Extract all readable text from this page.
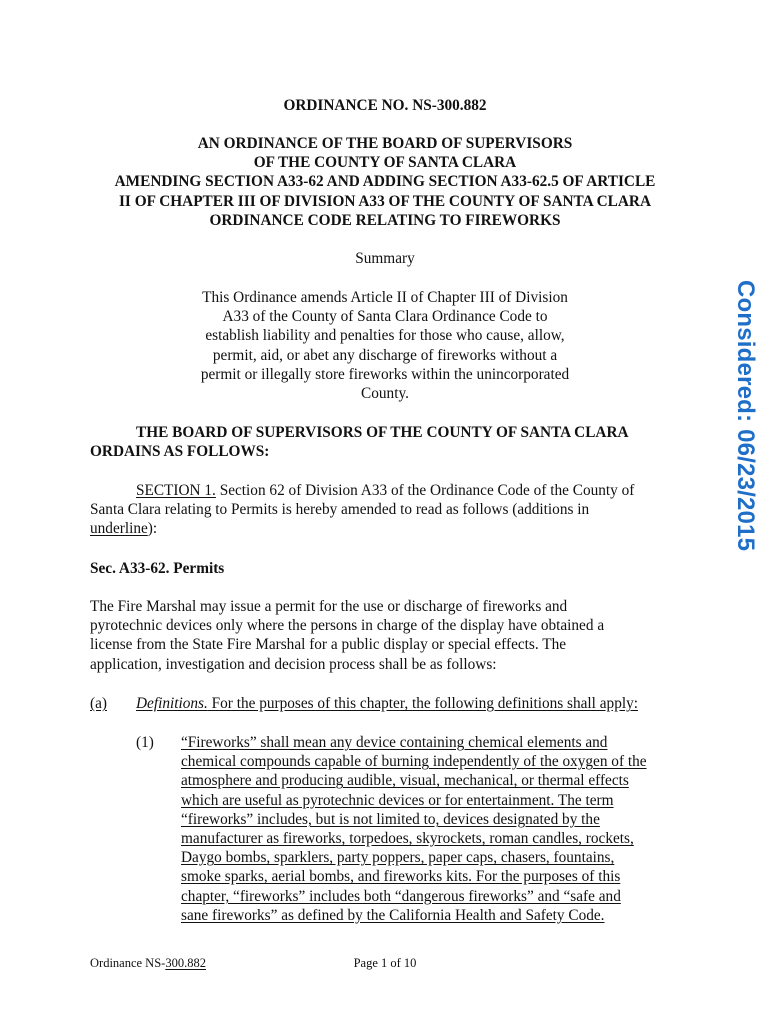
ORDINANCE NO. NS-300.882

AN ORDINANCE OF THE BOARD OF SUPERVISORS
OF THE COUNTY OF SANTA CLARA
AMENDING SECTION A33-62 AND ADDING SECTION A33-62.5 OF ARTICLE
II OF CHAPTER III OF DIVISION A33 OF THE COUNTY OF SANTA CLARA
ORDINANCE CODE RELATING TO FIREWORKS

Summary

This Ordinance amends Article II of Chapter III of Division
A33 of the County of Santa Clara Ordinance Code to
establish liability and penalties for those who cause, allow,
permit, aid, or abet any discharge of fireworks without a
permit or illegally store fireworks within the unincorporated
County.
THE BOARD OF SUPERVISORS OF THE COUNTY OF SANTA CLARA
ORDAINS AS FOLLOWS:
SECTION 1. Section 62 of Division A33 of the Ordinance Code of the County of
Santa Clara relating to Permits is hereby amended to read as follows (additions in
underline):

Sec. A33-62. Permits

The Fire Marshal may issue a permit for the use or discharge of fireworks and
pyrotechnic devices only where the persons in charge of the display have obtained a
license from the State Fire Marshal for a public display or special effects. The
application, investigation and decision process shall be as follows:
(a)	Definitions. For the purposes of this chapter, the following definitions shall apply:
(1)	“Fireworks” shall mean any device containing chemical elements and
chemical compounds capable of burning independently of the oxygen of the
atmosphere and producing audible, visual, mechanical, or thermal effects
which are useful as pyrotechnic devices or for entertainment. The term
“fireworks” includes, but is not limited to, devices designated by the
manufacturer as fireworks, torpedoes, skyrockets, roman candles, rockets,
Daygo bombs, sparklers, party poppers, paper caps, chasers, fountains,
smoke sparks, aerial bombs, and fireworks kits. For the purposes of this
chapter, “fireworks” includes both “dangerous fireworks” and “safe and
sane fireworks” as defined by the California Health and Safety Code.
Ordinance NS-300.882	Page 1 of 10
Considered: 06/23/2015
